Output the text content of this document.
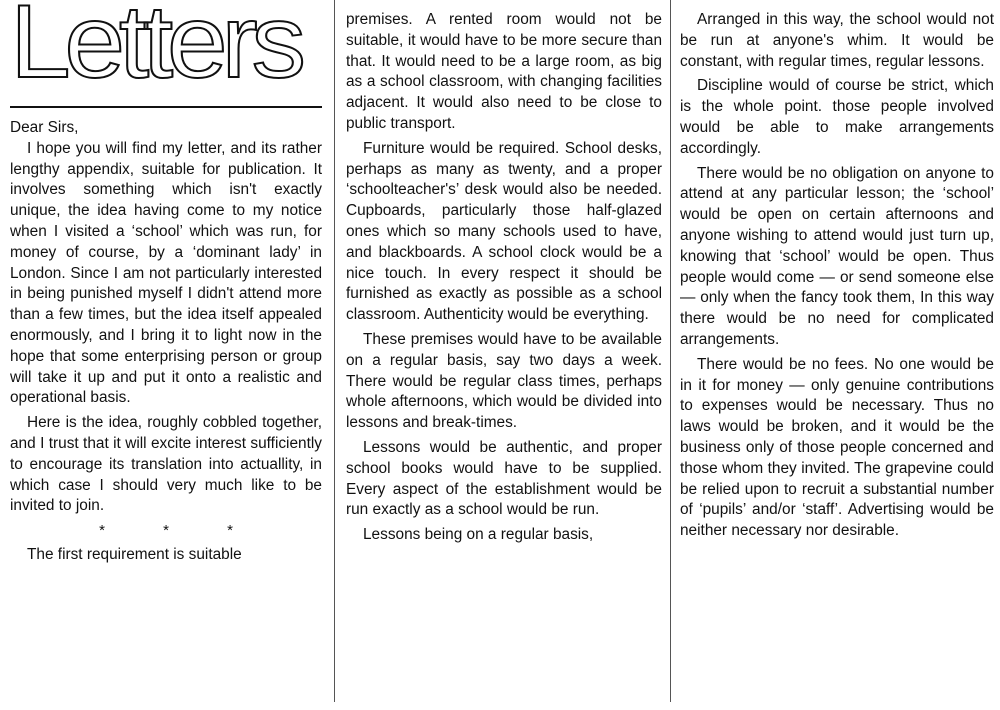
Letters

Dear Sirs,

I hope you will find my letter, and its rather lengthy appendix, suitable for publication. It involves something which isn't exactly unique, the idea having come to my notice when I visited a ‘school’ which was run, for money of course, by a ‘dominant lady’ in London. Since I am not particularly interested in being punished myself I didn't attend more than a few times, but the idea itself appealed enormously, and I bring it to light now in the hope that some enterprising person or group will take it up and put it onto a realistic and operational basis.

Here is the idea, roughly cobbled together, and I trust that it will excite interest sufficiently to encourage its translation into actuallity, in which case I should very much like to be invited to join.

*	*	*

The first requirement is suitable

premises. A rented room would not be suitable, it would have to be more secure than that. It would need to be a large room, as big as a school classroom, with changing facilities adjacent. It would also need to be close to public transport.

Furniture would be required. School desks, perhaps as many as twenty, and a proper ‘schoolteacher's’ desk would also be needed. Cupboards, particularly those half-glazed ones which so many schools used to have, and blackboards. A school clock would be a nice touch. In every respect it should be furnished as exactly as possible as a school classroom. Authenticity would be everything.

These premises would have to be available on a regular basis, say two days a week. There would be regular class times, perhaps whole afternoons, which would be divided into lessons and break-times.

Lessons would be authentic, and proper school books would have to be supplied. Every aspect of the establishment would be run exactly as a school would be run.

Lessons being on a regular basis,

Arranged in this way, the school would not be run at anyone's whim. It would be constant, with regular times, regular lessons.

Discipline would of course be strict, which is the whole point. those people involved would be able to make arrangements accordingly.

There would be no obligation on anyone to attend at any particular lesson; the ‘school’ would be open on certain afternoons and anyone wishing to attend would just turn up, knowing that ‘school’ would be open. Thus people would come — or send someone else — only when the fancy took them, In this way there would be no need for complicated arrangements.

There would be no fees. No one would be in it for money — only genuine contributions to expenses would be necessary. Thus no laws would be broken, and it would be the business only of those people concerned and those whom they invited. The grapevine could be relied upon to recruit a substantial number of ‘pupils’ and/or ‘staff’. Advertising would be neither necessary nor desirable.
